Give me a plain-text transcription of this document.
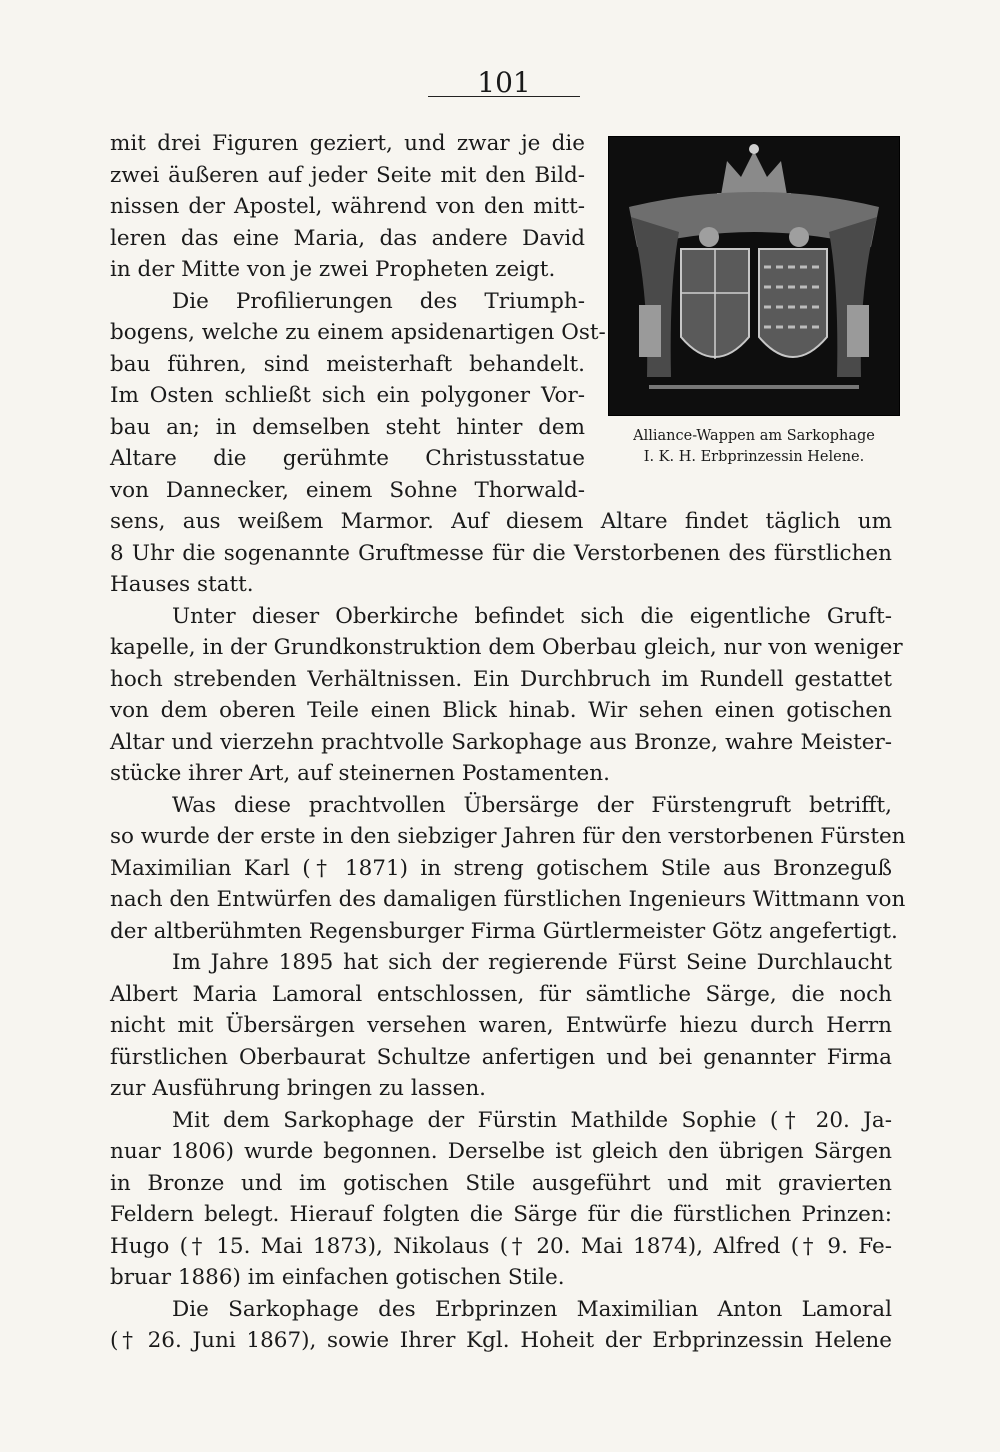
101
Alliance-Wappen am Sarkophage
I. K. H. Erbprinzessin Helene.
mit drei Figuren geziert, und zwar je die
zwei äußeren auf jeder Seite mit den Bild-
nissen der Apostel, während von den mitt-
leren das eine Maria, das andere David
in der Mitte von je zwei Propheten zeigt.
Die Profilierungen des Triumph-
bogens, welche zu einem apsidenartigen Ost-
bau führen, sind meisterhaft behandelt.
Im Osten schließt sich ein polygoner Vor-
bau an; in demselben steht hinter dem
Altare die gerühmte Christusstatue
von Dannecker, einem Sohne Thorwald-
sens, aus weißem Marmor. Auf diesem Altare findet täglich um
8 Uhr die sogenannte Gruftmesse für die Verstorbenen des fürstlichen
Hauses statt.
Unter dieser Oberkirche befindet sich die eigentliche Gruft-
kapelle, in der Grundkonstruktion dem Oberbau gleich, nur von weniger
hoch strebenden Verhältnissen. Ein Durchbruch im Rundell gestattet
von dem oberen Teile einen Blick hinab. Wir sehen einen gotischen
Altar und vierzehn prachtvolle Sarkophage aus Bronze, wahre Meister-
stücke ihrer Art, auf steinernen Postamenten.
Was diese prachtvollen Übersärge der Fürstengruft betrifft,
so wurde der erste in den siebziger Jahren für den verstorbenen Fürsten
Maximilian Karl († 1871) in streng gotischem Stile aus Bronzeguß
nach den Entwürfen des damaligen fürstlichen Ingenieurs Wittmann von
der altberühmten Regensburger Firma Gürtlermeister Götz angefertigt.
Im Jahre 1895 hat sich der regierende Fürst Seine Durchlaucht
Albert Maria Lamoral entschlossen, für sämtliche Särge, die noch
nicht mit Übersärgen versehen waren, Entwürfe hiezu durch Herrn
fürstlichen Oberbaurat Schultze anfertigen und bei genannter Firma
zur Ausführung bringen zu lassen.
Mit dem Sarkophage der Fürstin Mathilde Sophie († 20. Ja-
nuar 1806) wurde begonnen. Derselbe ist gleich den übrigen Särgen
in Bronze und im gotischen Stile ausgeführt und mit gravierten
Feldern belegt. Hierauf folgten die Särge für die fürstlichen Prinzen:
Hugo († 15. Mai 1873), Nikolaus († 20. Mai 1874), Alfred († 9. Fe-
bruar 1886) im einfachen gotischen Stile.
Die Sarkophage des Erbprinzen Maximilian Anton Lamoral
(† 26. Juni 1867), sowie Ihrer Kgl. Hoheit der Erbprinzessin Helene
